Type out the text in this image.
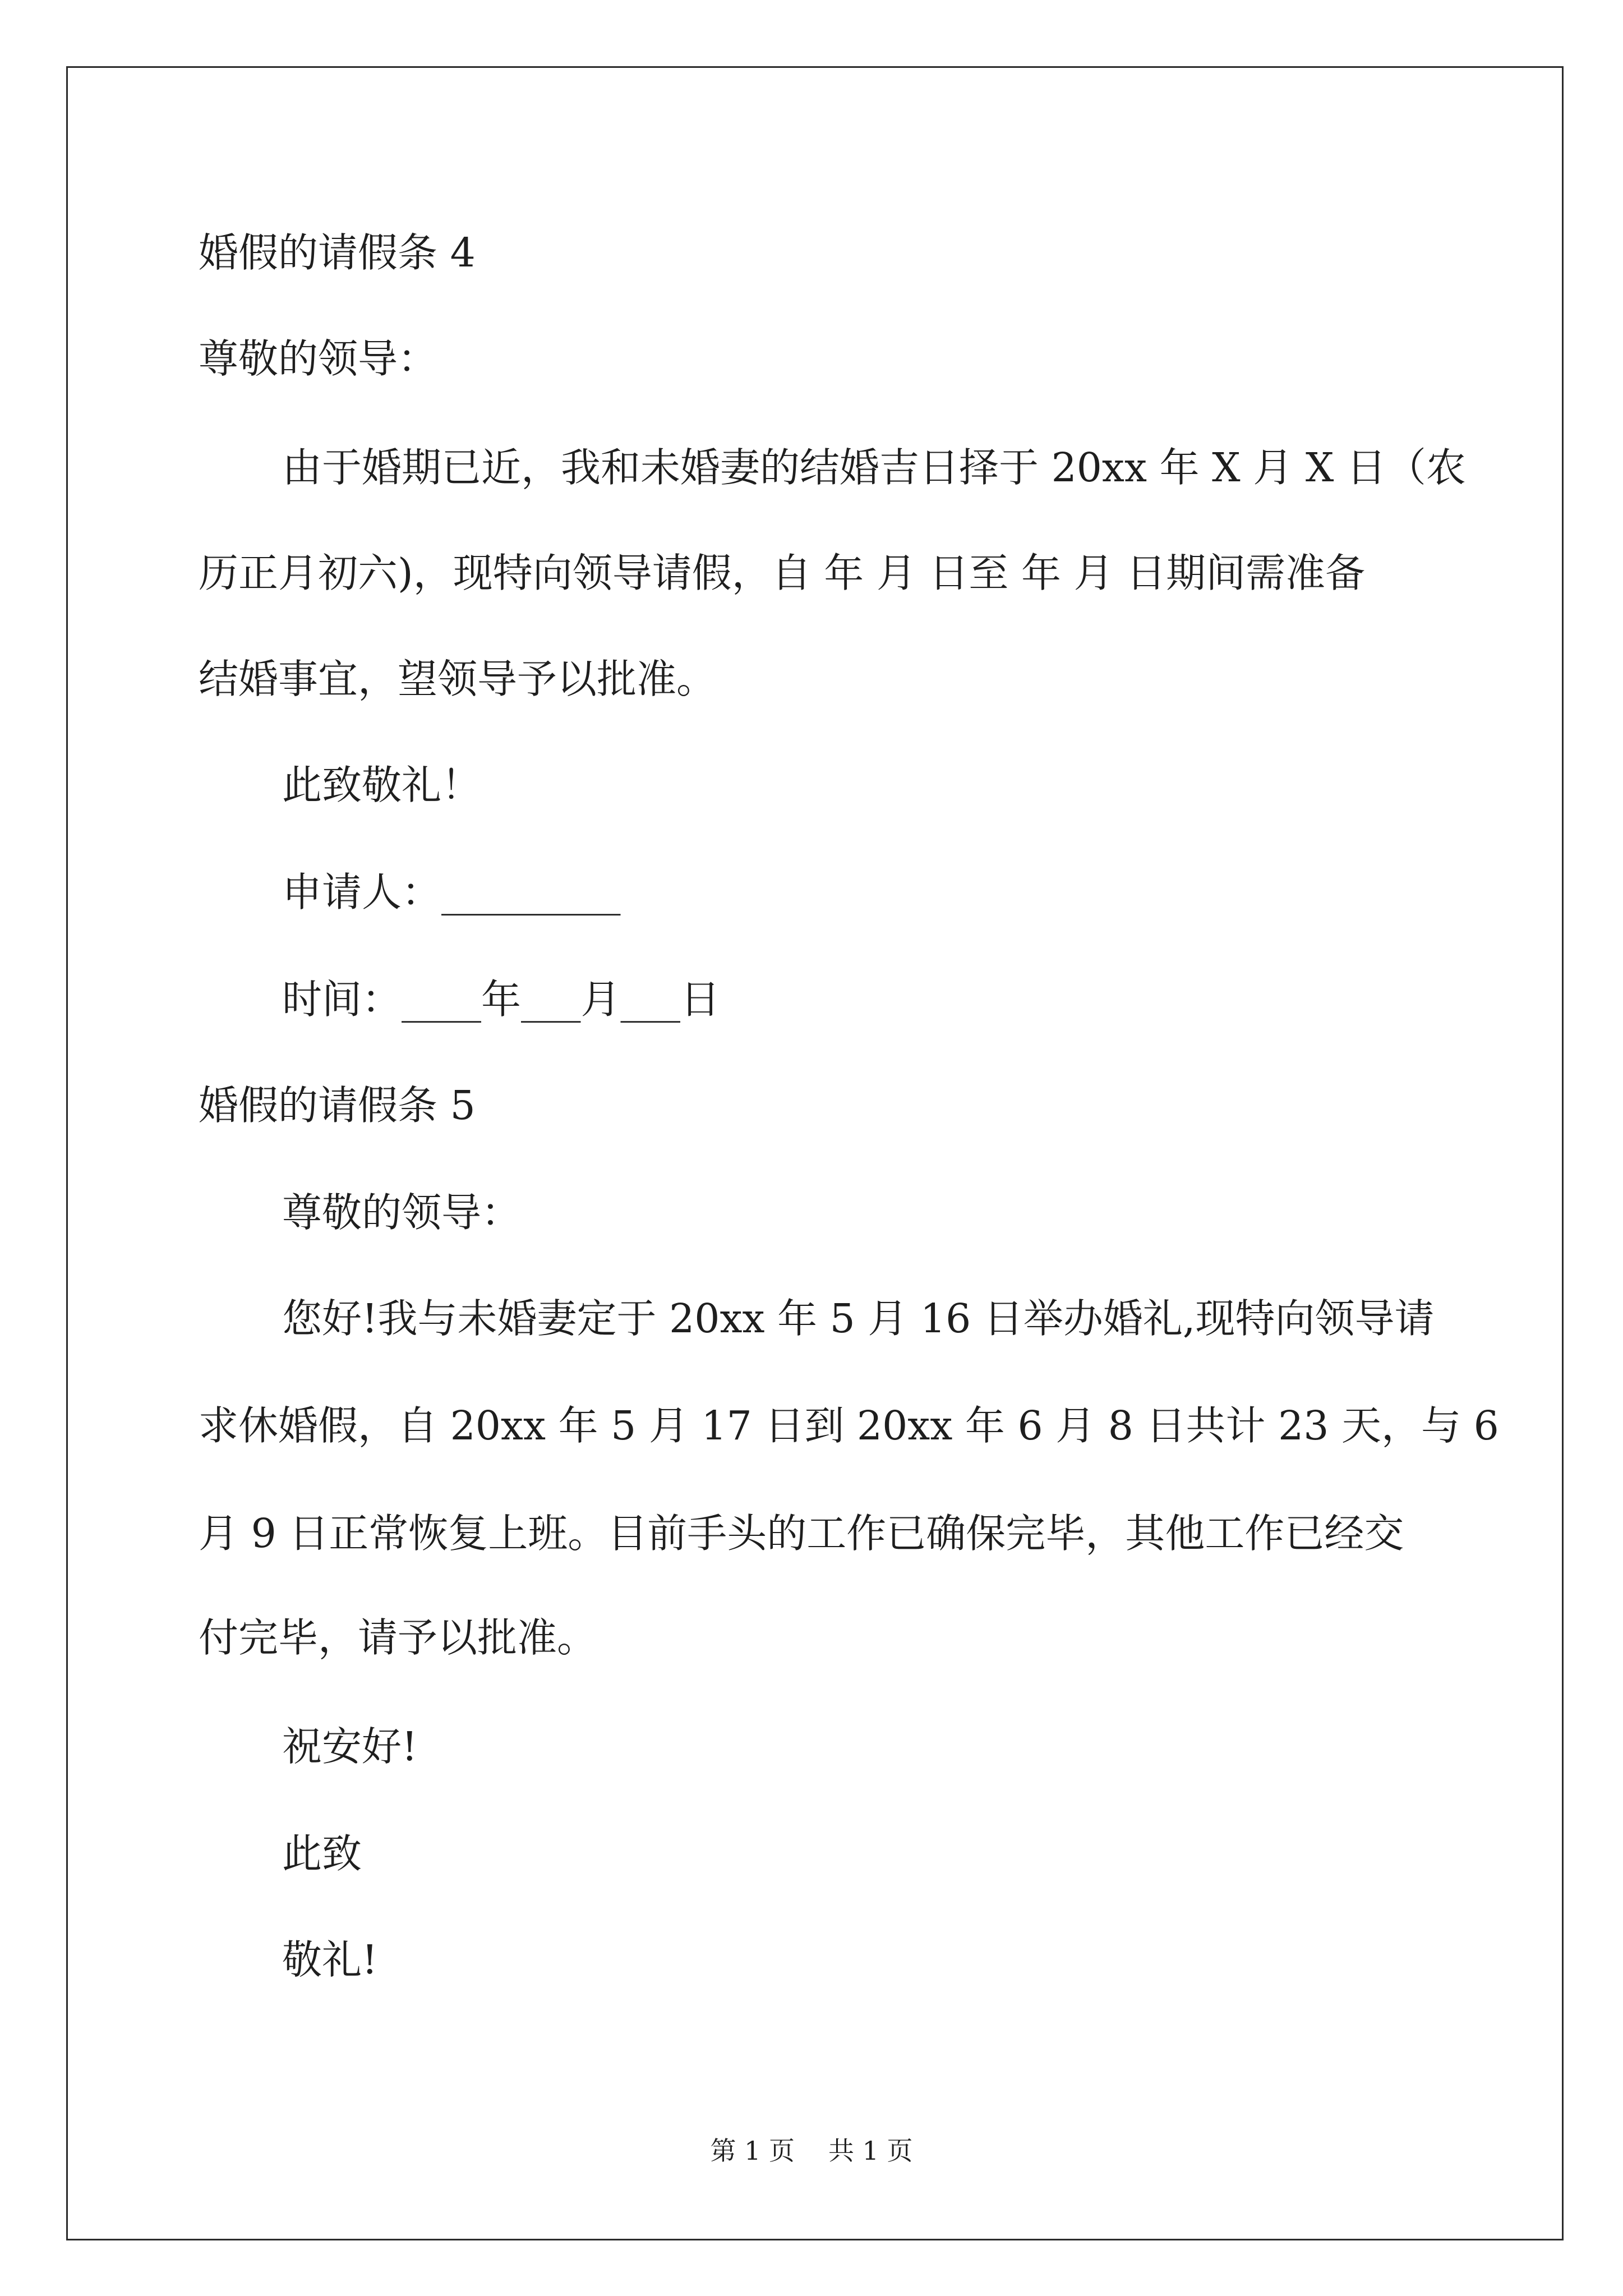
婚假的请假条 4
尊敬的领导：
由于婚期已近，我和未婚妻的结婚吉日择于 20xx 年 X 月 X 日（农
历正月初六)，现特向领导请假，自 年 月 日至 年 月 日期间需准备
结婚事宜，望领导予以批准。
此致敬礼！
申请人：_________
时间：____年___月___日
婚假的请假条 5
尊敬的领导：
您好!我与未婚妻定于 20xx 年 5 月 16 日举办婚礼,现特向领导请
求休婚假，自 20xx 年 5 月 17 日到 20xx 年 6 月 8 日共计 23 天，与 6
月 9 日正常恢复上班。目前手头的工作已确保完毕，其他工作已经交
付完毕，请予以批准。
祝安好!
此致
敬礼!
第 1 页 共 1 页
